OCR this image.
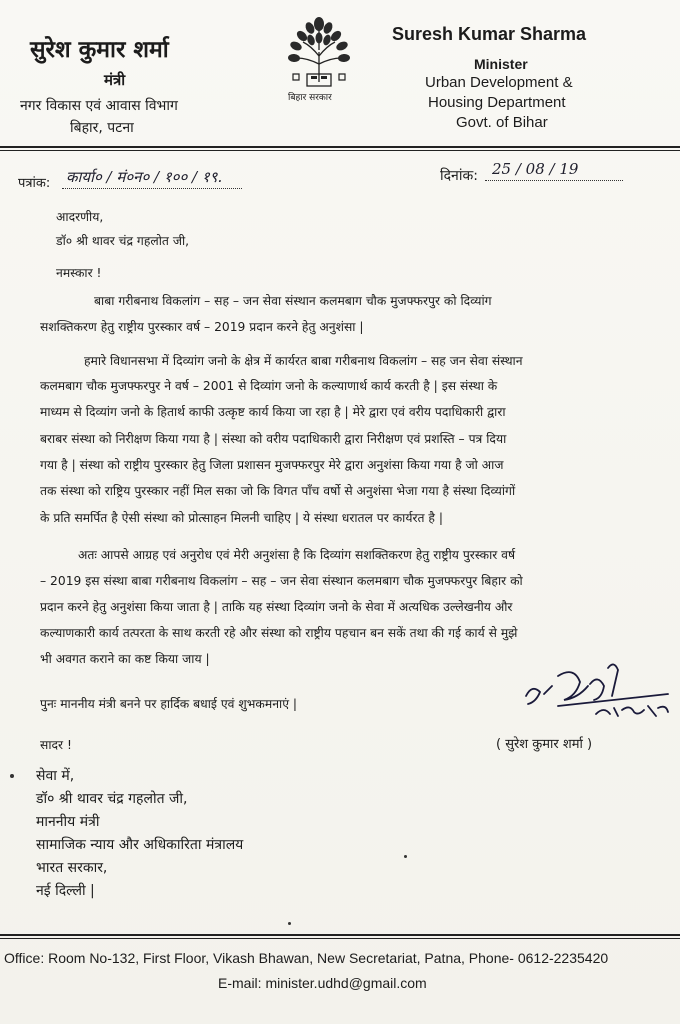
सुरेश कुमार शर्मा
मंत्री
नगर विकास एवं आवास विभाग
बिहार, पटना
बिहार सरकार
Suresh Kumar Sharma
Minister
Urban Development &
Housing Department
Govt. of Bihar
पत्रांक: कार्या० / मं०न० / १०० / १९.	दिनांक: 25 / 08 / 19
आदरणीय,
डॉ० श्री थावर चंद्र गहलोत जी,
नमस्कार !
बाबा गरीबनाथ विकलांग – सह – जन सेवा संस्थान कलमबाग चौक मुजफ्फरपुर को दिव्यांग
सशक्तिकरण हेतु राष्ट्रीय पुरस्कार वर्ष – 2019 प्रदान करने हेतु अनुशंसा |
हमारे विधानसभा में दिव्यांग जनो के क्षेत्र में कार्यरत बाबा गरीबनाथ विकलांग – सह जन सेवा संस्थान
कलमबाग चौक मुजफ्फरपुर ने वर्ष – 2001 से दिव्यांग जनो के कल्याणार्थ कार्य करती है | इस संस्था के
माध्यम से दिव्यांग जनो के हितार्थ काफी उत्कृष्ट कार्य किया जा रहा है | मेरे द्वारा एवं वरीय पदाधिकारी द्वारा
बराबर संस्था को निरीक्षण किया गया है | संस्था को वरीय पदाधिकारी द्वारा निरीक्षण एवं प्रशस्ति – पत्र दिया
गया है | संस्था को राष्ट्रीय पुरस्कार हेतु जिला प्रशासन मुजफ्फरपुर मेरे द्वारा अनुशंसा किया गया है जो आज
तक संस्था को राष्ट्रिय पुरस्कार नहीं मिल सका जो कि विगत पाँच वर्षो से अनुशंसा भेजा गया है संस्था दिव्यांगों
के प्रति समर्पित है ऐसी संस्था को प्रोत्साहन मिलनी चाहिए | ये संस्था धरातल पर कार्यरत है |
अतः आपसे आग्रह एवं अनुरोध एवं मेरी अनुशंसा है कि दिव्यांग सशक्तिकरण हेतु राष्ट्रीय पुरस्कार वर्ष
– 2019 इस संस्था बाबा गरीबनाथ विकलांग – सह – जन सेवा संस्थान कलमबाग चौक मुजफ्फरपुर बिहार को
प्रदान करने हेतु अनुशंसा किया जाता है | ताकि यह संस्था दिव्यांग जनो के सेवा में अत्यधिक उल्लेखनीय और
कल्याणकारी कार्य तत्परता के साथ करती रहे और संस्था को राष्ट्रीय पहचान बन सकें तथा की गई कार्य से मुझे
भी अवगत कराने का कष्ट किया जाय |
पुनः माननीय मंत्री बनने पर हार्दिक बधाई एवं शुभकमनाएं |
सादर !	( सुरेश कुमार शर्मा )
सेवा में,
डॉ० श्री थावर चंद्र गहलोत जी,
माननीय मंत्री
सामाजिक न्याय और अधिकारिता मंत्रालय
भारत सरकार,
नई दिल्ली |
Office: Room No-132, First Floor, Vikash Bhawan, New Secretariat, Patna, Phone- 0612-2235420
E-mail: minister.udhd@gmail.com
